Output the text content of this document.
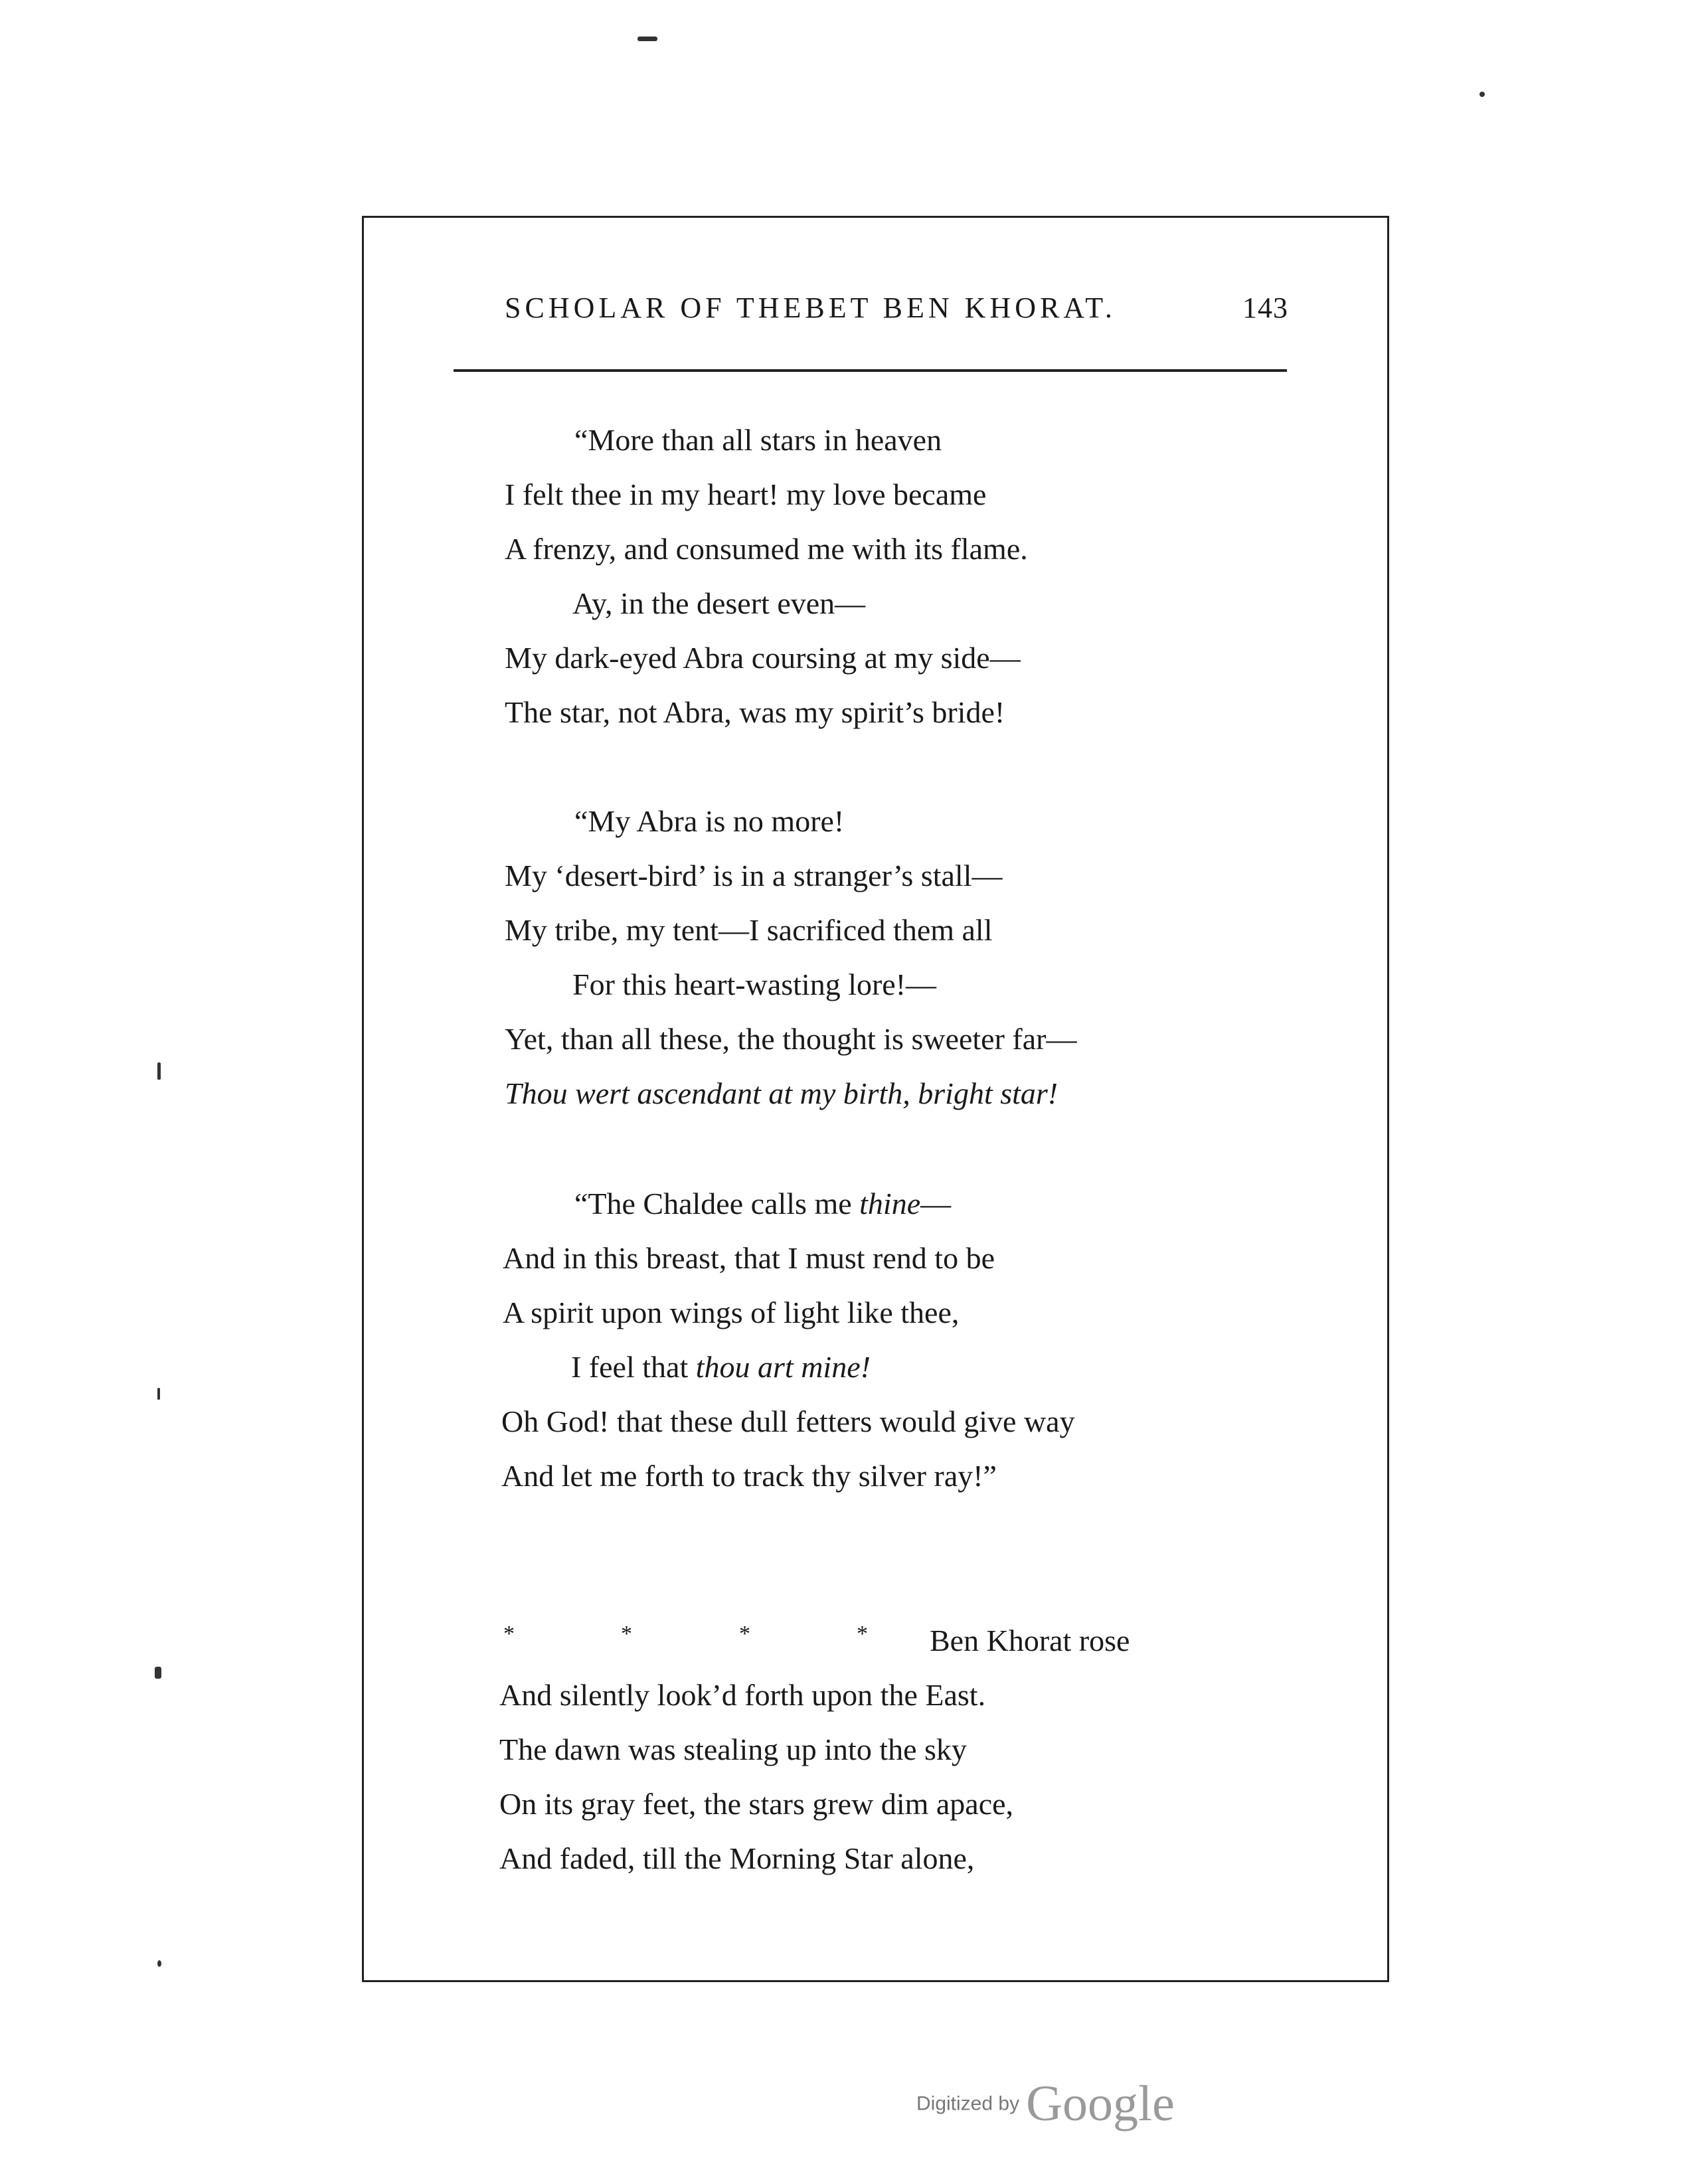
SCHOLAR OF THEBET BEN KHORAT.	143
“More than all stars in heaven
I felt thee in my heart! my love became
A frenzy, and consumed me with its flame.
Ay, in the desert even—
My dark-eyed Abra coursing at my side—
The star, not Abra, was my spirit’s bride!
“My Abra is no more!
My ‘desert-bird’ is in a stranger’s stall—
My tribe, my tent—I sacrificed them all
For this heart-wasting lore!—
Yet, than all these, the thought is sweeter far—
Thou wert ascendant at my birth, bright star!
“The Chaldee calls me thine—
And in this breast, that I must rend to be
A spirit upon wings of light like thee,
I feel that thou art mine!
Oh God! that these dull fetters would give way
And let me forth to track thy silver ray!”
*	*	*	* Ben Khorat rose
And silently look’d forth upon the East.
The dawn was stealing up into the sky
On its gray feet, the stars grew dim apace,
And faded, till the Morning Star alone,
Digitized by Google
